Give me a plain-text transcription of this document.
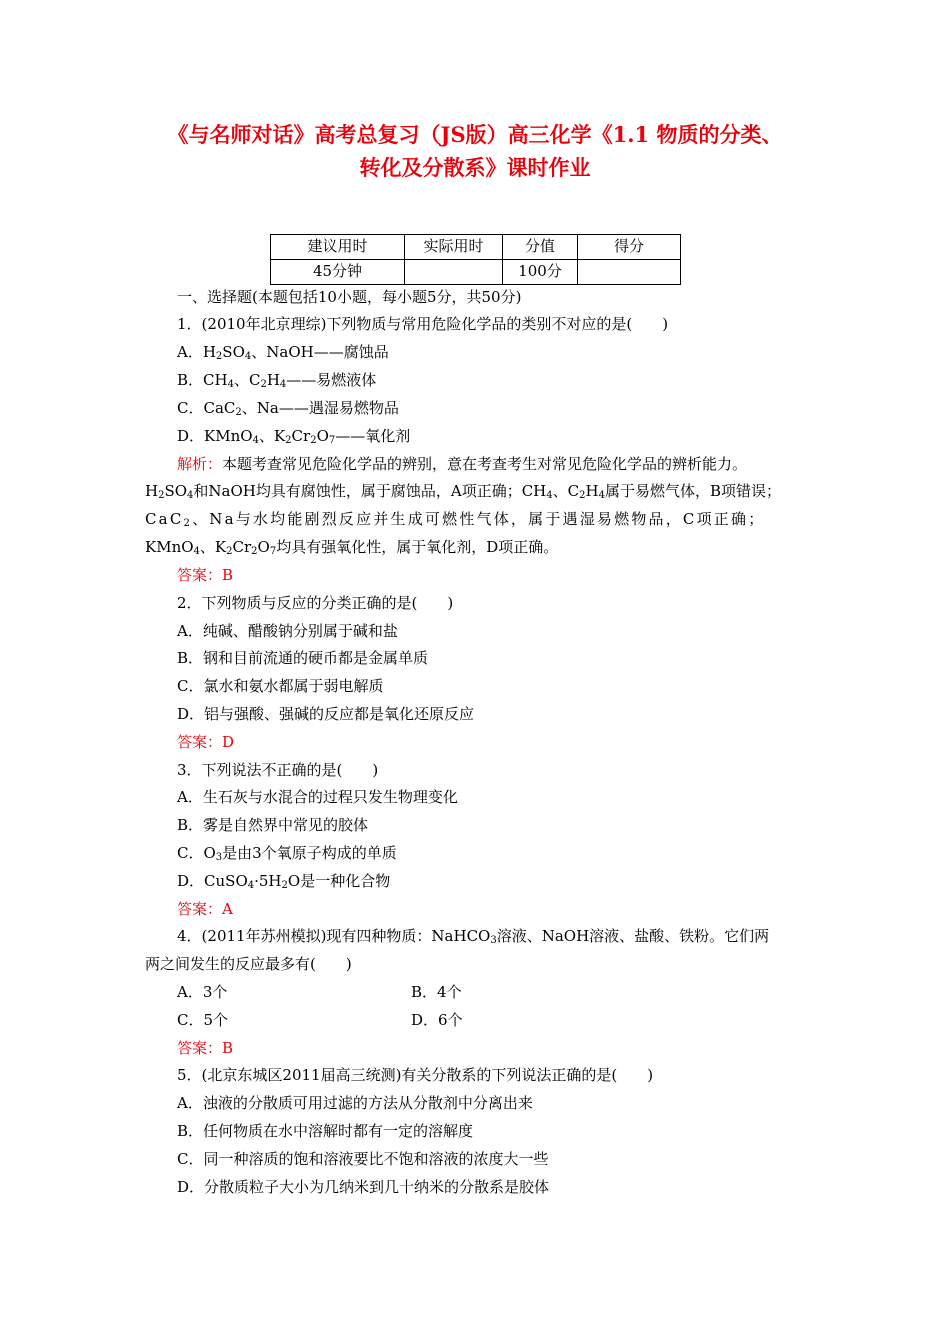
《与名师对话》高考总复习（JS版）高三化学《1.1 物质的分类、
转化及分散系》课时作业
建议用时	实际用时	分值	得分
45分钟		100分	
一、选择题(本题包括10小题，每小题5分，共50分)
1．(2010年北京理综)下列物质与常用危险化学品的类别不对应的是(　　)
A．$H_2SO_4$、NaOH——腐蚀品
B．$CH_4$、$C_2H_4——$易燃液体
C．CaC$_2$、Na——遇湿易燃物品
D．KMnO$_4$、$K_2Cr_2O_7——$氧化剂
解析：本题考查常见危险化学品的辨别，意在考查考生对常见危险化学品的辨析能力。
$H_2SO_4$和NaOH均具有腐蚀性，属于腐蚀品，A项正确；$CH_4$、$C_2H_4$属于易燃气体，B项错误；
CaC$_2$、Na与水均能剧烈反应并生成可燃性气体，属于遇湿易燃物品，C项正确；
KMnO$_4$、$K_2Cr_2O_7$均具有强氧化性，属于氧化剂，D项正确。
答案：B
2．下列物质与反应的分类正确的是(　　)
A．纯碱、醋酸钠分别属于碱和盐
B．钢和目前流通的硬币都是金属单质
C．氯水和氨水都属于弱电解质
D．铝与强酸、强碱的反应都是氧化还原反应
答案：D
3．下列说法不正确的是(　　)
A．生石灰与水混合的过程只发生物理变化
B．雾是自然界中常见的胶体
C．$O_3$是由3个氧原子构成的单质
D．$CuSO_4\cdot 5H_2O$是一种化合物
答案：A
4．(2011年苏州模拟)现有四种物质：NaHCO$_3$溶液、NaOH溶液、盐酸、铁粉。它们两
两之间发生的反应最多有(　　)
A．3个	B．4个
C．5个	D．6个
答案：B
5．(北京东城区2011届高三统测)有关分散系的下列说法正确的是(　　)
A．浊液的分散质可用过滤的方法从分散剂中分离出来
B．任何物质在水中溶解时都有一定的溶解度
C．同一种溶质的饱和溶液要比不饱和溶液的浓度大一些
D．分散质粒子大小为几纳米到几十纳米的分散系是胶体
